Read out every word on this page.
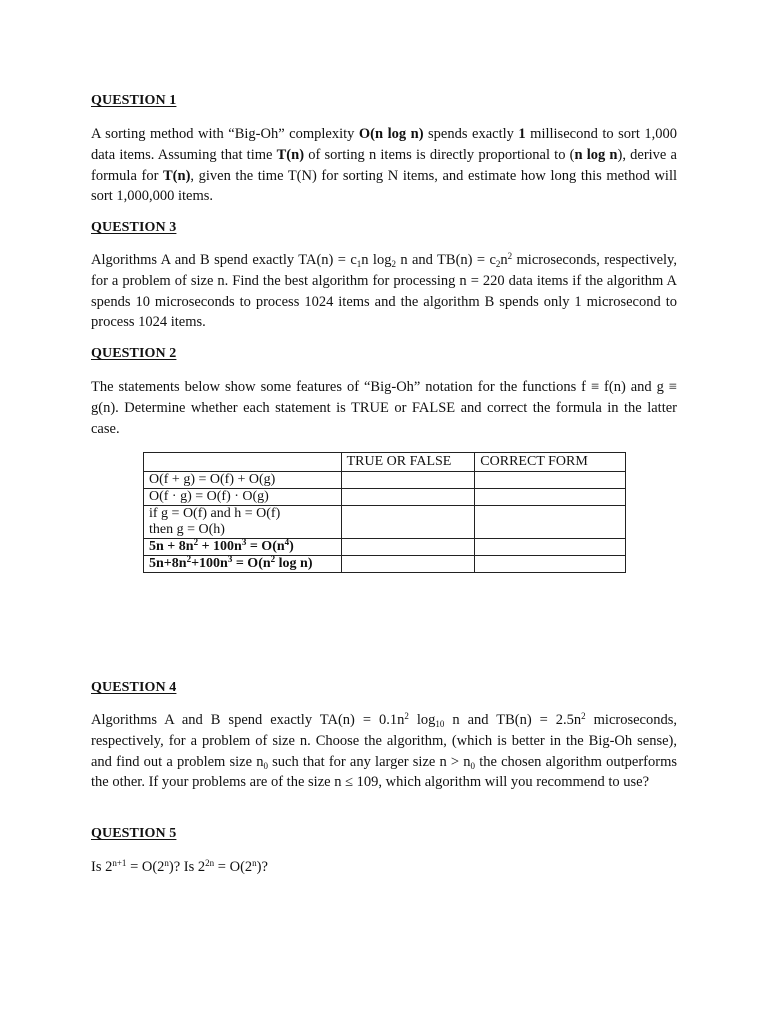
QUESTION 1

A sorting method with “Big-Oh” complexity O(n log n) spends exactly 1 millisecond to sort 1,000 data items. Assuming that time T(n) of sorting n items is directly proportional to (n log n), derive a formula for T(n), given the time T(N) for sorting N items, and estimate how long this method will sort 1,000,000 items.

QUESTION 3

Algorithms A and B spend exactly $TA(n) = c_1n$ $\log_2 n$ and $TB(n) = c_2n^2$ microseconds, respectively, for a problem of size n. Find the best algorithm for processing n = 220 data items if the algorithm A spends 10 microseconds to process 1024 items and the algorithm B spends only 1 microsecond to process 1024 items.

QUESTION 2

The statements below show some features of “Big-Oh” notation for the functions f ≡ f(n) and g ≡ g(n). Determine whether each statement is TRUE or FALSE and correct the formula in the latter case.

	TRUE OR FALSE	CORRECT FORM
O(f + g) = O(f) + O(g)		
O(f · g) = O(f) · O(g)		
if g = O(f) and h = O(f)
then g = O(h)		
$5n + 8n^2 + 100n^3 = O(n^4)$		
$5n+8n^2+100n^3 = O(n^2$ log n)		

QUESTION 4

Algorithms A and B spend exactly $TA(n) = 0.1n^2$ $\log_{10} n$ and $TB(n) = 2.5n^2$ microseconds, respectively, for a problem of size n. Choose the algorithm, (which is better in the Big-Oh sense), and find out a problem size $n_0$ such that for any larger size $n > n_0$ the chosen algorithm outperforms the other. If your problems are of the size n ≤ 109, which algorithm will you recommend to use?

QUESTION 5

Is $2^{n+1} = O(2^n)$? Is $2^{2n} = O(2^n)$?
